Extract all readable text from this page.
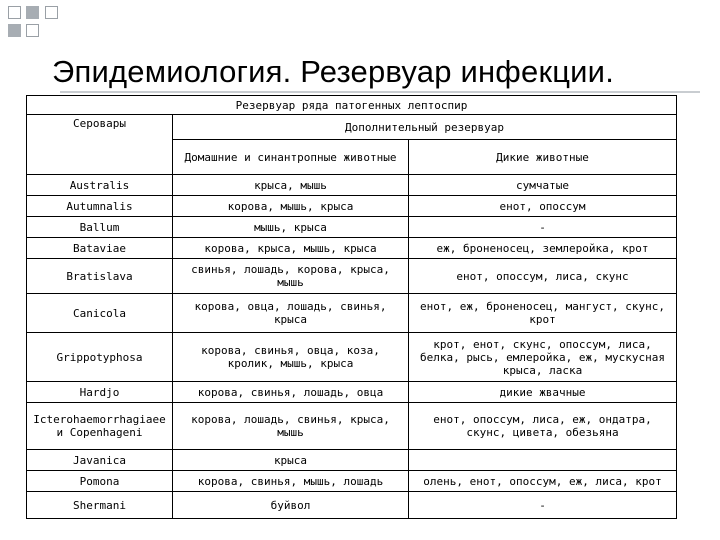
Эпидемиология. Резервуар инфекции.
Резервуар ряда патогенных лептоспир		
Серовары	Дополнительный резервуар	
	Домашние и синантропные животные	Дикие животные
Australis	крыса, мышь	сумчатые
Autumnalis	корова, мышь, крыса	енот, опоссум
Ballum	мышь, крыса	-
Bataviae	корова, крыса, мышь, крыса	еж, броненосец, землеройка, крот
Bratislava	свинья, лошадь, корова, крыса, мышь	енот, опоссум, лиса, скунс
Canicola	корова, овца, лошадь, свинья, крыса	енот, еж, броненосец, мангуст, скунс, крот
Grippotyphosa	корова, свинья, овца, коза, кролик, мышь, крыса	крот, енот, скунс, опоссум, лиса, белка, рысь, емлеройка, еж, мускусная крыса, ласка
Hardjo	корова, свинья, лошадь, овца	дикие жвачные
Icterohaemorrhagiaee и Copenhageni	корова, лошадь, свинья, крыса, мышь	енот, опоссум, лиса, еж, ондатра, скунс, цивета, обезьяна
Javanica	крыса	
Pomona	корова, свинья, мышь, лошадь	олень, енот, опоссум, еж, лиса, крот
Shermani	буйвол	-
